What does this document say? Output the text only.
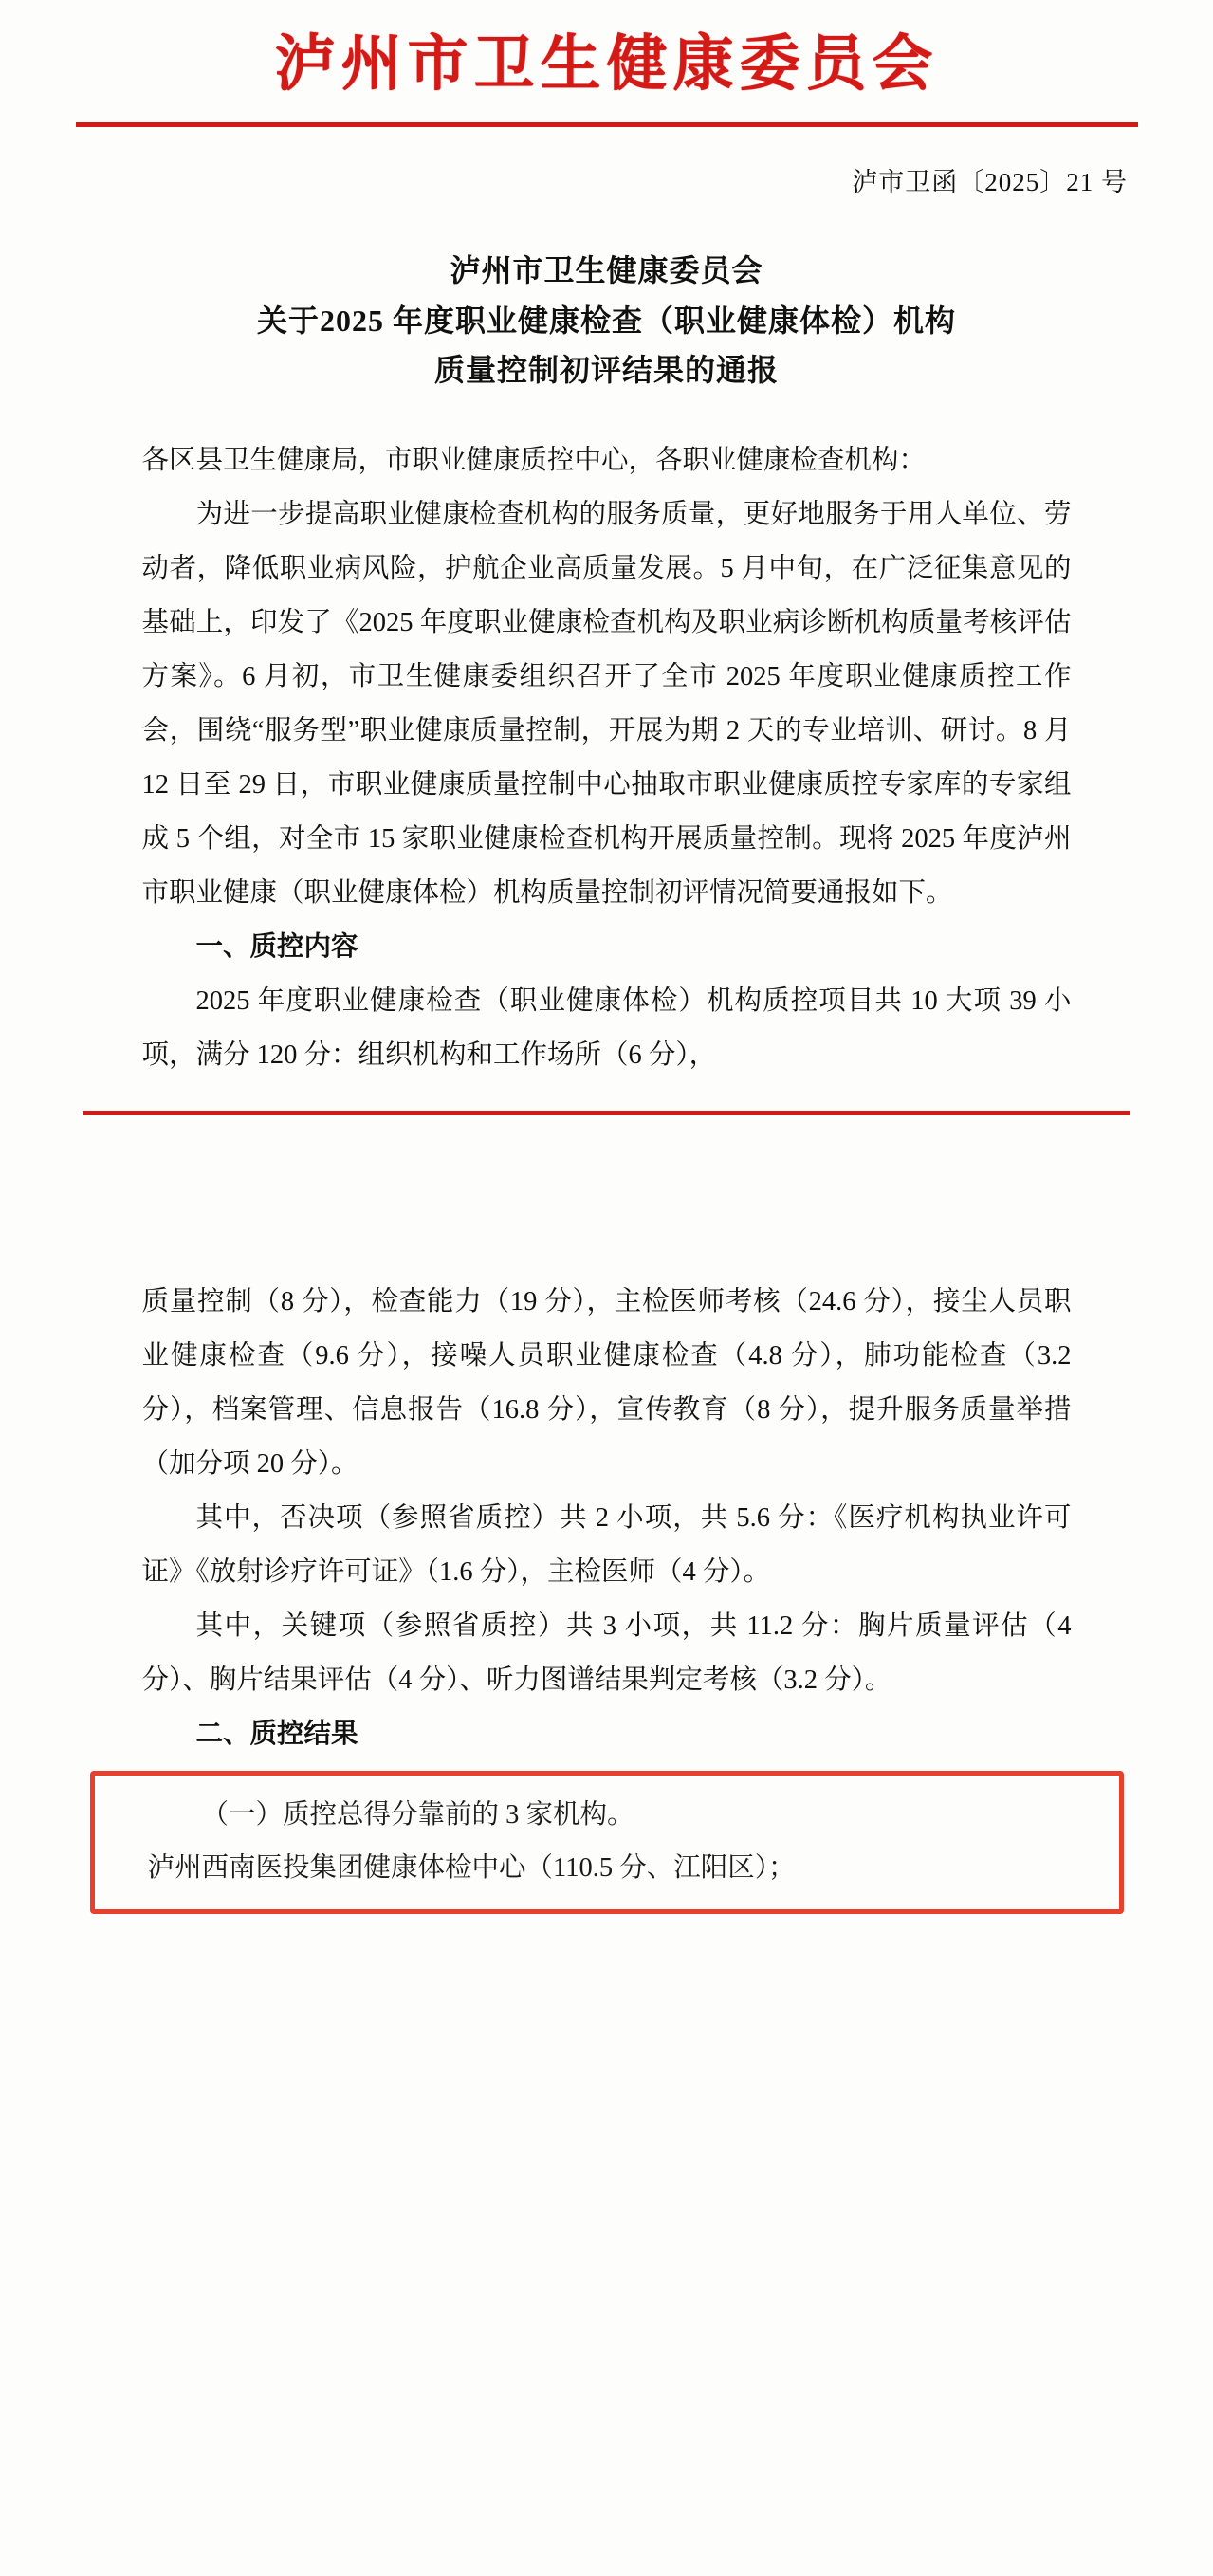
泸州市卫生健康委员会
泸市卫函〔2025〕21 号
泸州市卫生健康委员会
关于2025 年度职业健康检查（职业健康体检）机构
质量控制初评结果的通报

各区县卫生健康局，市职业健康质控中心，各职业健康检查机构：

为进一步提高职业健康检查机构的服务质量，更好地服务于用人单位、劳动者，降低职业病风险，护航企业高质量发展。5 月中旬，在广泛征集意见的基础上，印发了《2025 年度职业健康检查机构及职业病诊断机构质量考核评估方案》。6 月初，市卫生健康委组织召开了全市 2025 年度职业健康质控工作会，围绕“服务型”职业健康质量控制，开展为期 2 天的专业培训、研讨。8 月 12 日至 29 日，市职业健康质量控制中心抽取市职业健康质控专家库的专家组成 5 个组，对全市 15 家职业健康检查机构开展质量控制。现将 2025 年度泸州市职业健康（职业健康体检）机构质量控制初评情况简要通报如下。

一、质控内容

2025 年度职业健康检查（职业健康体检）机构质控项目共 10 大项 39 小项，满分 120 分：组织机构和工作场所（6 分），

质量控制（8 分），检查能力（19 分），主检医师考核（24.6 分），接尘人员职业健康检查（9.6 分），接噪人员职业健康检查（4.8 分），肺功能检查（3.2 分），档案管理、信息报告（16.8 分），宣传教育（8 分），提升服务质量举措（加分项 20 分）。

其中，否决项（参照省质控）共 2 小项，共 5.6 分：《医疗机构执业许可证》《放射诊疗许可证》（1.6 分），主检医师（4 分）。

其中，关键项（参照省质控）共 3 小项，共 11.2 分：胸片质量评估（4 分）、胸片结果评估（4 分）、听力图谱结果判定考核（3.2 分）。

二、质控结果

（一）质控总得分靠前的 3 家机构。

泸州西南医投集团健康体检中心（110.5 分、江阳区）；
